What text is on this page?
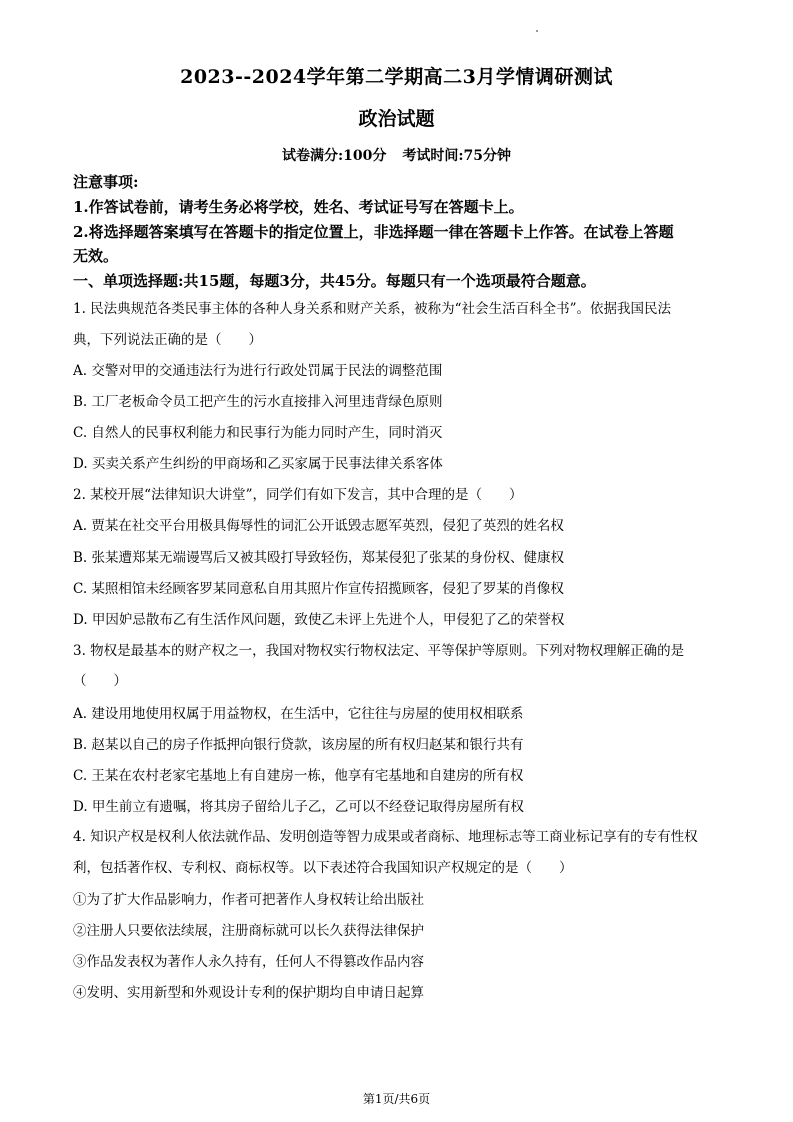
2023--2024学年第二学期高二3月学情调研测试
政治试题
试卷满分:100分 考试时间:75分钟
注意事项:
1.作答试卷前，请考生务必将学校，姓名、考试证号写在答题卡上。
2.将选择题答案填写在答题卡的指定位置上，非选择题一律在答题卡上作答。在试卷上答题
无效。
一、单项选择题:共15题，每题3分，共45分。每题只有一个选项最符合题意。
1. 民法典规范各类民事主体的各种人身关系和财产关系，被称为“社会生活百科全书”。依据我国民法
典，下列说法正确的是（　　）
A. 交警对甲的交通违法行为进行行政处罚属于民法的调整范围
B. 工厂老板命令员工把产生的污水直接排入河里违背绿色原则
C. 自然人的民事权利能力和民事行为能力同时产生，同时消灭
D. 买卖关系产生纠纷的甲商场和乙买家属于民事法律关系客体
2. 某校开展“法律知识大讲堂”，同学们有如下发言，其中合理的是（　　）
A. 贾某在社交平台用极具侮辱性的词汇公开诋毁志愿军英烈，侵犯了英烈的姓名权
B. 张某遭郑某无端谩骂后又被其殴打导致轻伤，郑某侵犯了张某的身份权、健康权
C. 某照相馆未经顾客罗某同意私自用其照片作宣传招揽顾客，侵犯了罗某的肖像权
D. 甲因妒忌散布乙有生活作风问题，致使乙未评上先进个人，甲侵犯了乙的荣誉权
3. 物权是最基本的财产权之一，我国对物权实行物权法定、平等保护等原则。下列对物权理解正确的是
（　　）
A. 建设用地使用权属于用益物权，在生活中，它往往与房屋的使用权相联系
B. 赵某以自己的房子作抵押向银行贷款，该房屋的所有权归赵某和银行共有
C. 王某在农村老家宅基地上有自建房一栋，他享有宅基地和自建房的所有权
D. 甲生前立有遗嘱，将其房子留给儿子乙，乙可以不经登记取得房屋所有权
4. 知识产权是权利人依法就作品、发明创造等智力成果或者商标、地理标志等工商业标记享有的专有性权
利，包括著作权、专利权、商标权等。以下表述符合我国知识产权规定的是（　　）
①为了扩大作品影响力，作者可把著作人身权转让给出版社
②注册人只要依法续展，注册商标就可以长久获得法律保护
③作品发表权为著作人永久持有，任何人不得篡改作品内容
④发明、实用新型和外观设计专利的保护期均自申请日起算
第1页/共6页
